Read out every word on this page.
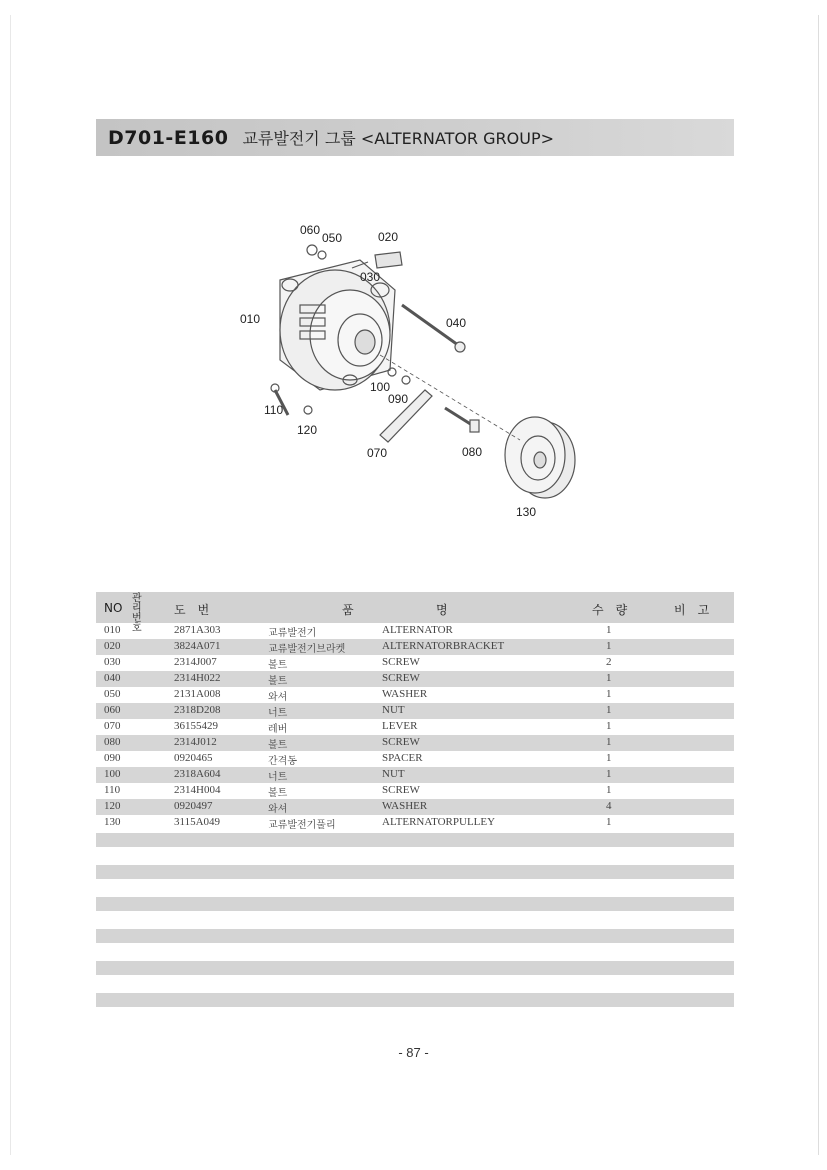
D701-E160 교류발전기 그룹 <ALTERNATOR GROUP>
060
050	020
030
010	040
100
090
110
120
070	080
130
NO
관리번호
도　번	품	명	수　량	비　고
010	2871A303	교류발전기	ALTERNATOR	1
020	3824A071	교류발전기브라켓	ALTERNATORBRACKET	1
030	2314J007	볼트	SCREW	2
040	2314H022	볼트	SCREW	1
050	2131A008	와셔	WASHER	1
060	2318D208	너트	NUT	1
070	36155429	레버	LEVER	1
080	2314J012	볼트	SCREW	1
090	0920465	간격동	SPACER	1
100	2318A604	너트	NUT	1
110	2314H004	볼트	SCREW	1
120	0920497	와셔	WASHER	4
130	3115A049	교류발전기풀리	ALTERNATORPULLEY	1
- 87 -
